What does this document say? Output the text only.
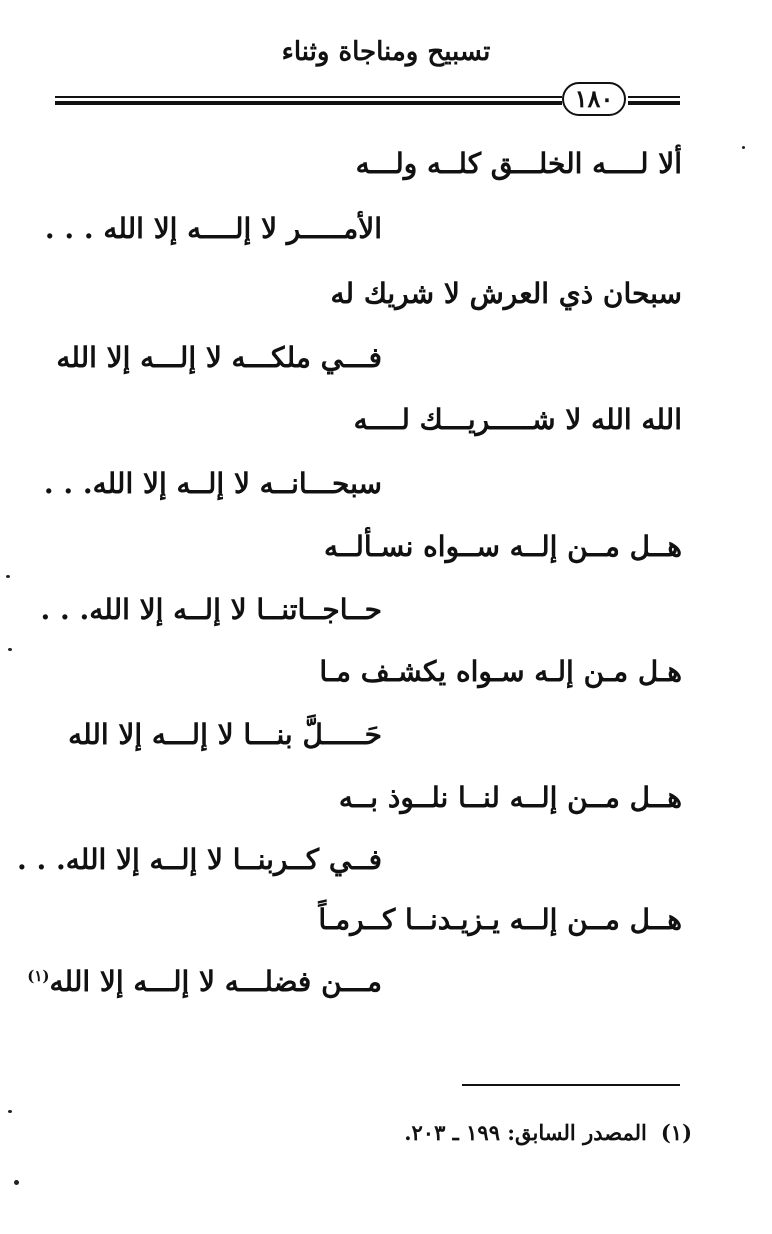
تسبيح ومناجاة وثناء
١٨٠
ألا لــــه الخلـــق كلــه ولـــه
الأمـــــر لا إلــــه إلا الله . . .
سبحان ذي العرش لا شريك له
فـــي ملكـــه لا إلـــه إلا الله
الله الله لا شـــــريـــك لــــه
سبحـــانــه لا إلــه إلا الله. . .
هــل مــن إلــه ســواه نسـألــه
حــاجــاتنــا لا إلــه إلا الله. . .
هـل مـن إلـه سـواه يكشـف مـا
حَـــــلَّ بنـــا لا إلـــه إلا الله
هــل مــن إلــه لنــا نلــوذ بــه
فــي كــربنــا لا إلــه إلا الله. . .
هــل مــن إلــه يـزيـدنــا كــرمـاً
مـــن فضلـــه لا إلـــه إلا الله$^{(١)}$
(١)المصدر السابق: ١٩٩ ـ ٢٠٣.
